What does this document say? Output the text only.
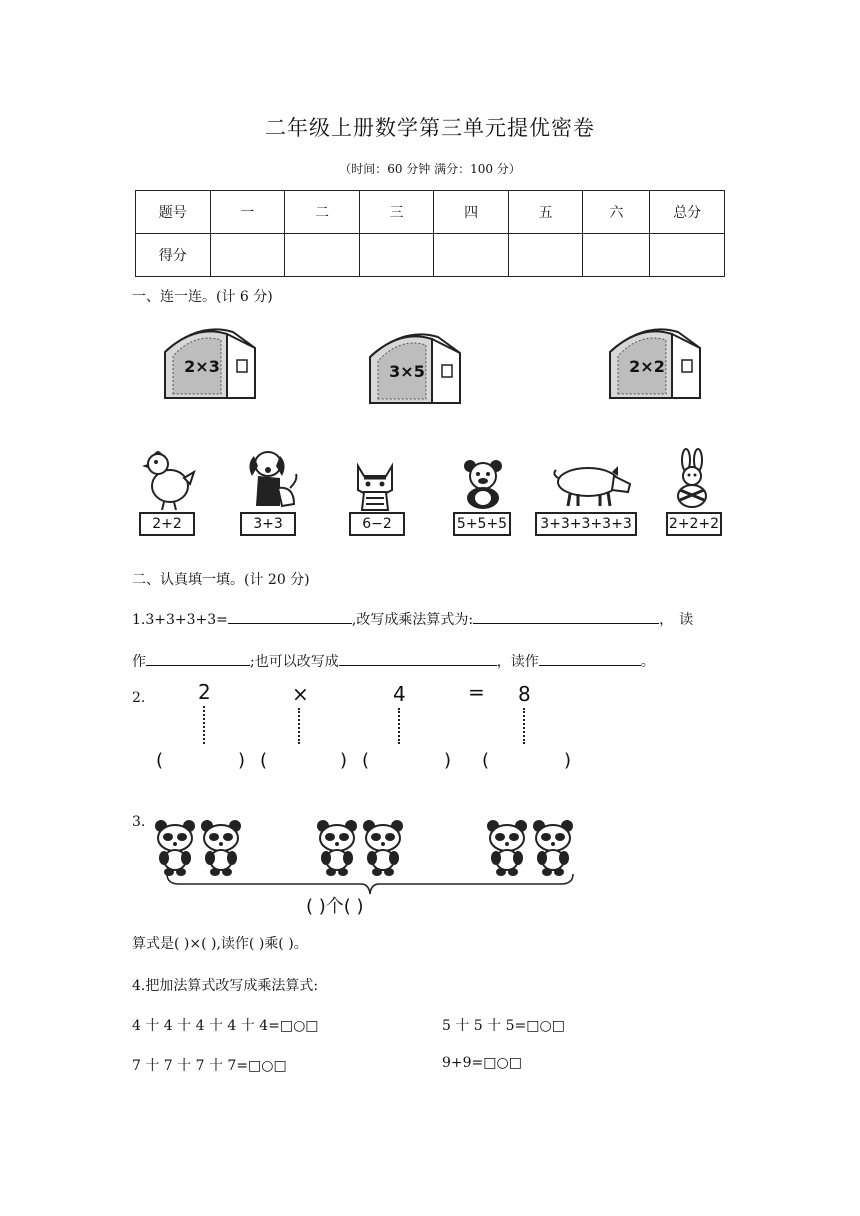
二年级上册数学第三单元提优密卷
（时间：60 分钟 满分：100 分）
题号	一	二	三	四	五	六	总分
得分							
一、连一连。(计 6 分)
2×3	3×5	2×2
2+2	3+3	6−2	5+5+5	3+3+3+3+3	2+2+2
二、认真填一填。(计 20 分)
1.3+3+3+3=	,改写成乘法算式为:	，读
作	;也可以改写成	，读作	。
2.	2	×	4	= 8
(	) (	) (	) (	)
3.
( )个( )
算式是( )×( ),读作( )乘( )。
4.把加法算式改写成乘法算式:
4 十 4 十 4 十 4 十 4=□○□	5 十 5 十 5=□○□
7 十 7 十 7 十 7=□○□	9+9=□○□
